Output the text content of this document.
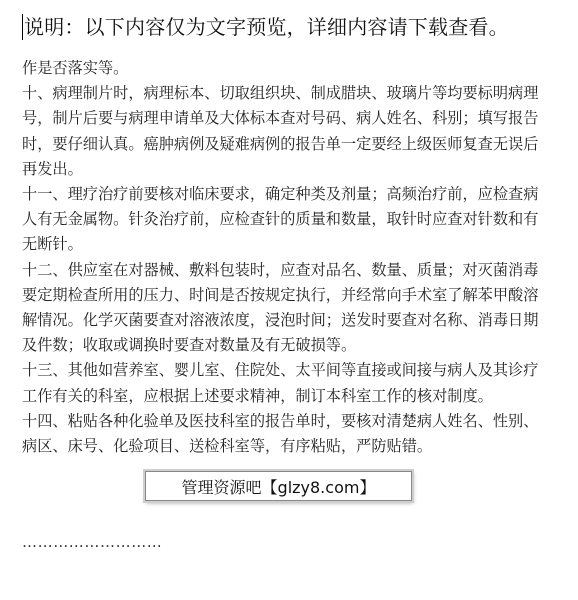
说明：以下内容仅为文字预览，详细内容请下载查看。

作是否落实等。

十、病理制片时，病理标本、切取组织块、制成腊块、玻璃片等均要标明病理号，制片后要与病理申请单及大体标本查对号码、病人姓名、科别；填写报告时，要仔细认真。癌肿病例及疑难病例的报告单一定要经上级医师复查无误后再发出。

十一、理疗治疗前要核对临床要求，确定种类及剂量；高频治疗前，应检查病人有无金属物。针灸治疗前，应检查针的质量和数量，取针时应查对针数和有无断针。

十二、供应室在对器械、敷料包装时，应查对品名、数量、质量；对灭菌消毒要定期检查所用的压力、时间是否按规定执行，并经常向手术室了解苯甲酸溶解情况。化学灭菌要查对溶液浓度，浸泡时间；送发时要查对名称、消毒日期及件数；收取或调换时要查对数量及有无破损等。

十三、其他如营养室、婴儿室、住院处、太平间等直接或间接与病人及其诊疗工作有关的科室，应根据上述要求精神，制订本科室工作的核对制度。

十四、粘贴各种化验单及医技科室的报告单时，要核对清楚病人姓名、性别、病区、床号、化验项目、送检科室等，有序粘贴，严防贴错。

………………………
管理资源吧【glzy8.com】
